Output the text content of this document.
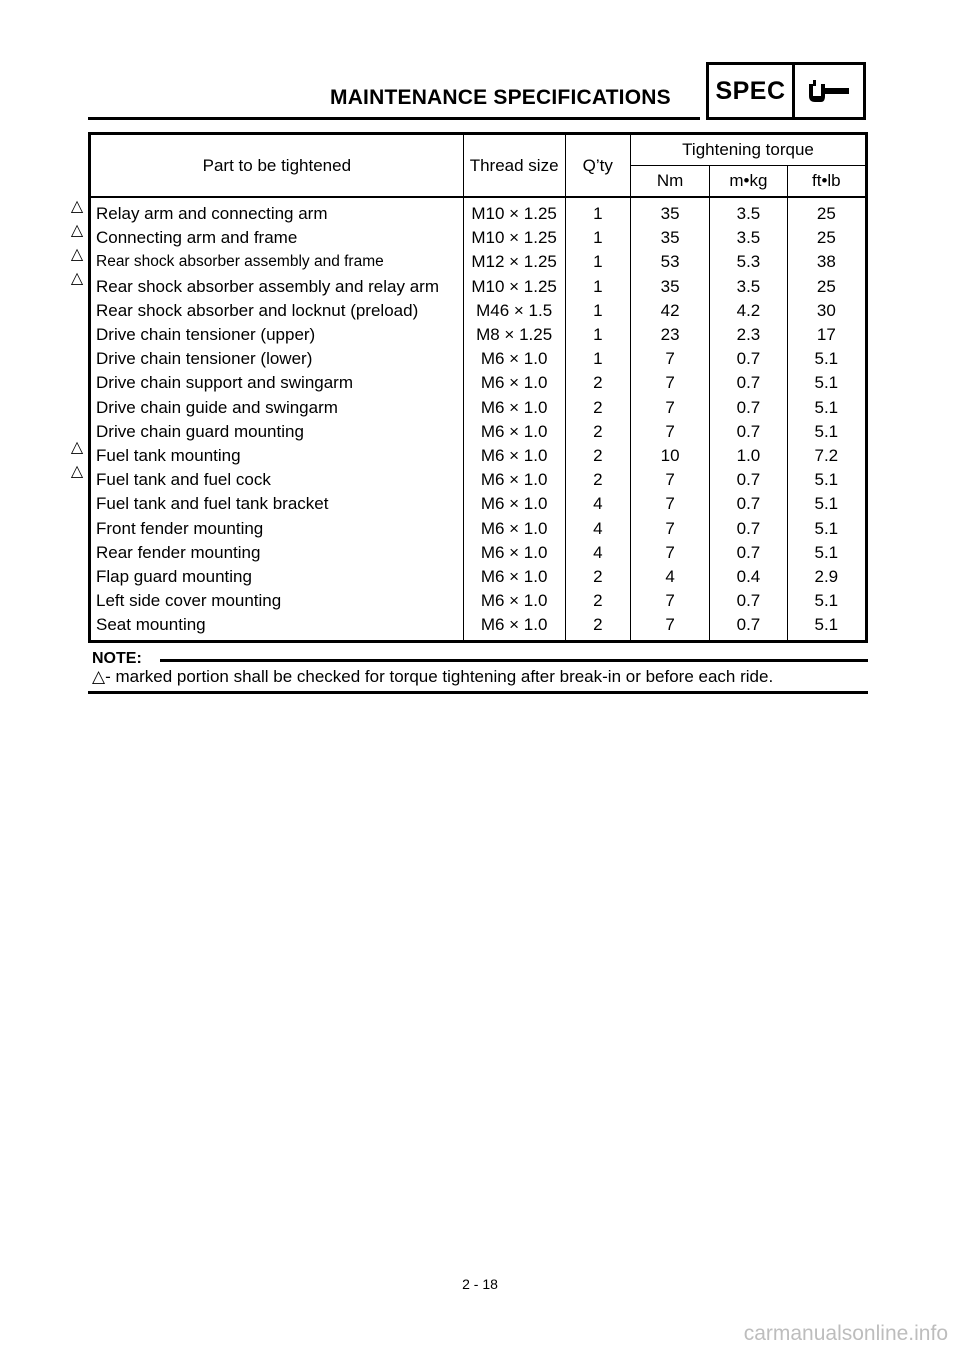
MAINTENANCE SPECIFICATIONS SPEC
Part to be tightened	Thread size	Q’ty	Tightening torque		
			Nm	m•kg	ft•lb
Relay arm and connecting arm	M10 × 1.25	1	35	3.5	25
Connecting arm and frame	M10 × 1.25	1	35	3.5	25
Rear shock absorber assembly and frame	M12 × 1.25	1	53	5.3	38
Rear shock absorber assembly and relay arm	M10 × 1.25	1	35	3.5	25
Rear shock absorber and locknut (preload)	M46 × 1.5	1	42	4.2	30
Drive chain tensioner (upper)	M8 × 1.25	1	23	2.3	17
Drive chain tensioner (lower)	M6 × 1.0	1	7	0.7	5.1
Drive chain support and swingarm	M6 × 1.0	2	7	0.7	5.1
Drive chain guide and swingarm	M6 × 1.0	2	7	0.7	5.1
Drive chain guard mounting	M6 × 1.0	2	7	0.7	5.1
Fuel tank mounting	M6 × 1.0	2	10	1.0	7.2
Fuel tank and fuel cock	M6 × 1.0	2	7	0.7	5.1
Fuel tank and fuel tank bracket	M6 × 1.0	4	7	0.7	5.1
Front fender mounting	M6 × 1.0	4	7	0.7	5.1
Rear fender mounting	M6 × 1.0	4	7	0.7	5.1
Flap guard mounting	M6 × 1.0	2	4	0.4	2.9
Left side cover mounting	M6 × 1.0	2	7	0.7	5.1
Seat mounting	M6 × 1.0	2	7	0.7	5.1
△
△
△
△
△
△
NOTE:
△- marked portion shall be checked for torque tightening after break-in or before each ride.
2 - 18
carmanualsonline.info
